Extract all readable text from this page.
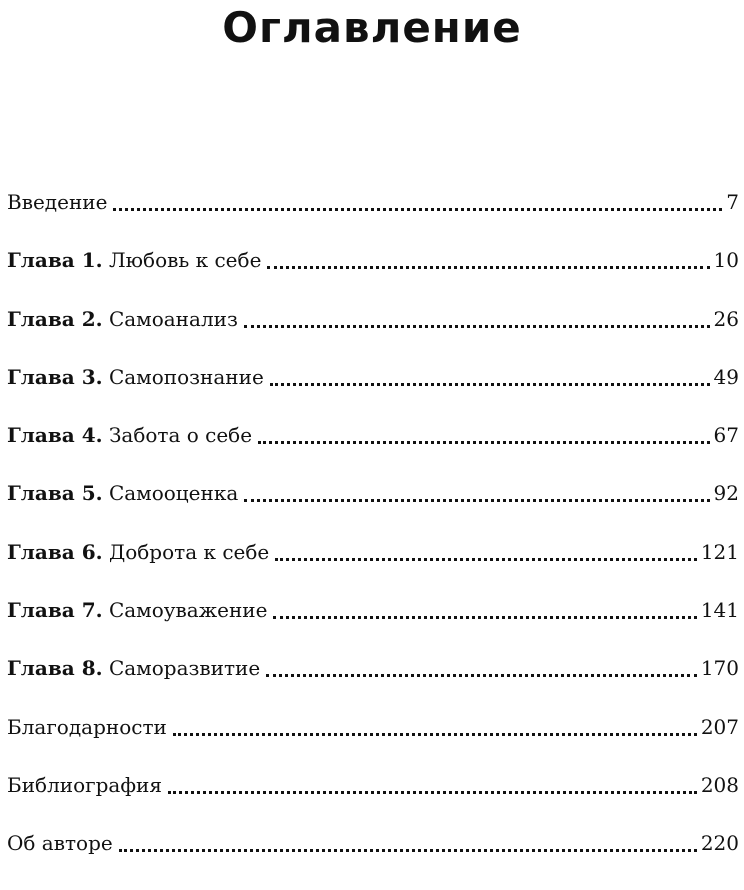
Оглавление
Введение	7
Глава 1. Любовь к себе	10
Глава 2. Самоанализ	26
Глава 3. Самопознание	49
Глава 4. Забота о себе	67
Глава 5. Самооценка	92
Глава 6. Доброта к себе	121
Глава 7. Самоуважение	141
Глава 8. Саморазвитие	170
Благодарности	207
Библиография	208
Об авторе	220
